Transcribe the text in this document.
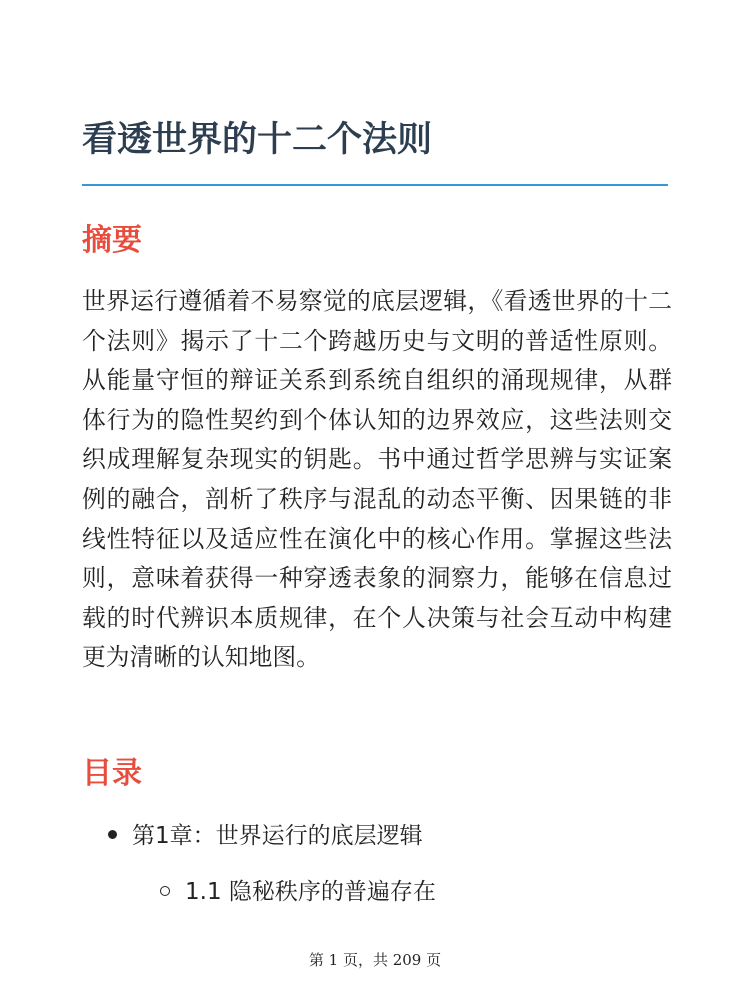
看透世界的十二个法则
摘要

世界运行遵循着不易察觉的底层逻辑，《看透世界的十二个法则》揭示了十二个跨越历史与文明的普适性原则。从能量守恒的辩证关系到系统自组织的涌现规律，从群体行为的隐性契约到个体认知的边界效应，这些法则交织成理解复杂现实的钥匙。书中通过哲学思辨与实证案例的融合，剖析了秩序与混乱的动态平衡、因果链的非线性特征以及适应性在演化中的核心作用。掌握这些法则，意味着获得一种穿透表象的洞察力，能够在信息过载的时代辨识本质规律，在个人决策与社会互动中构建更为清晰的认知地图。

目录
第1章：世界运行的底层逻辑
1.1 隐秘秩序的普遍存在
第 1 页，共 209 页
